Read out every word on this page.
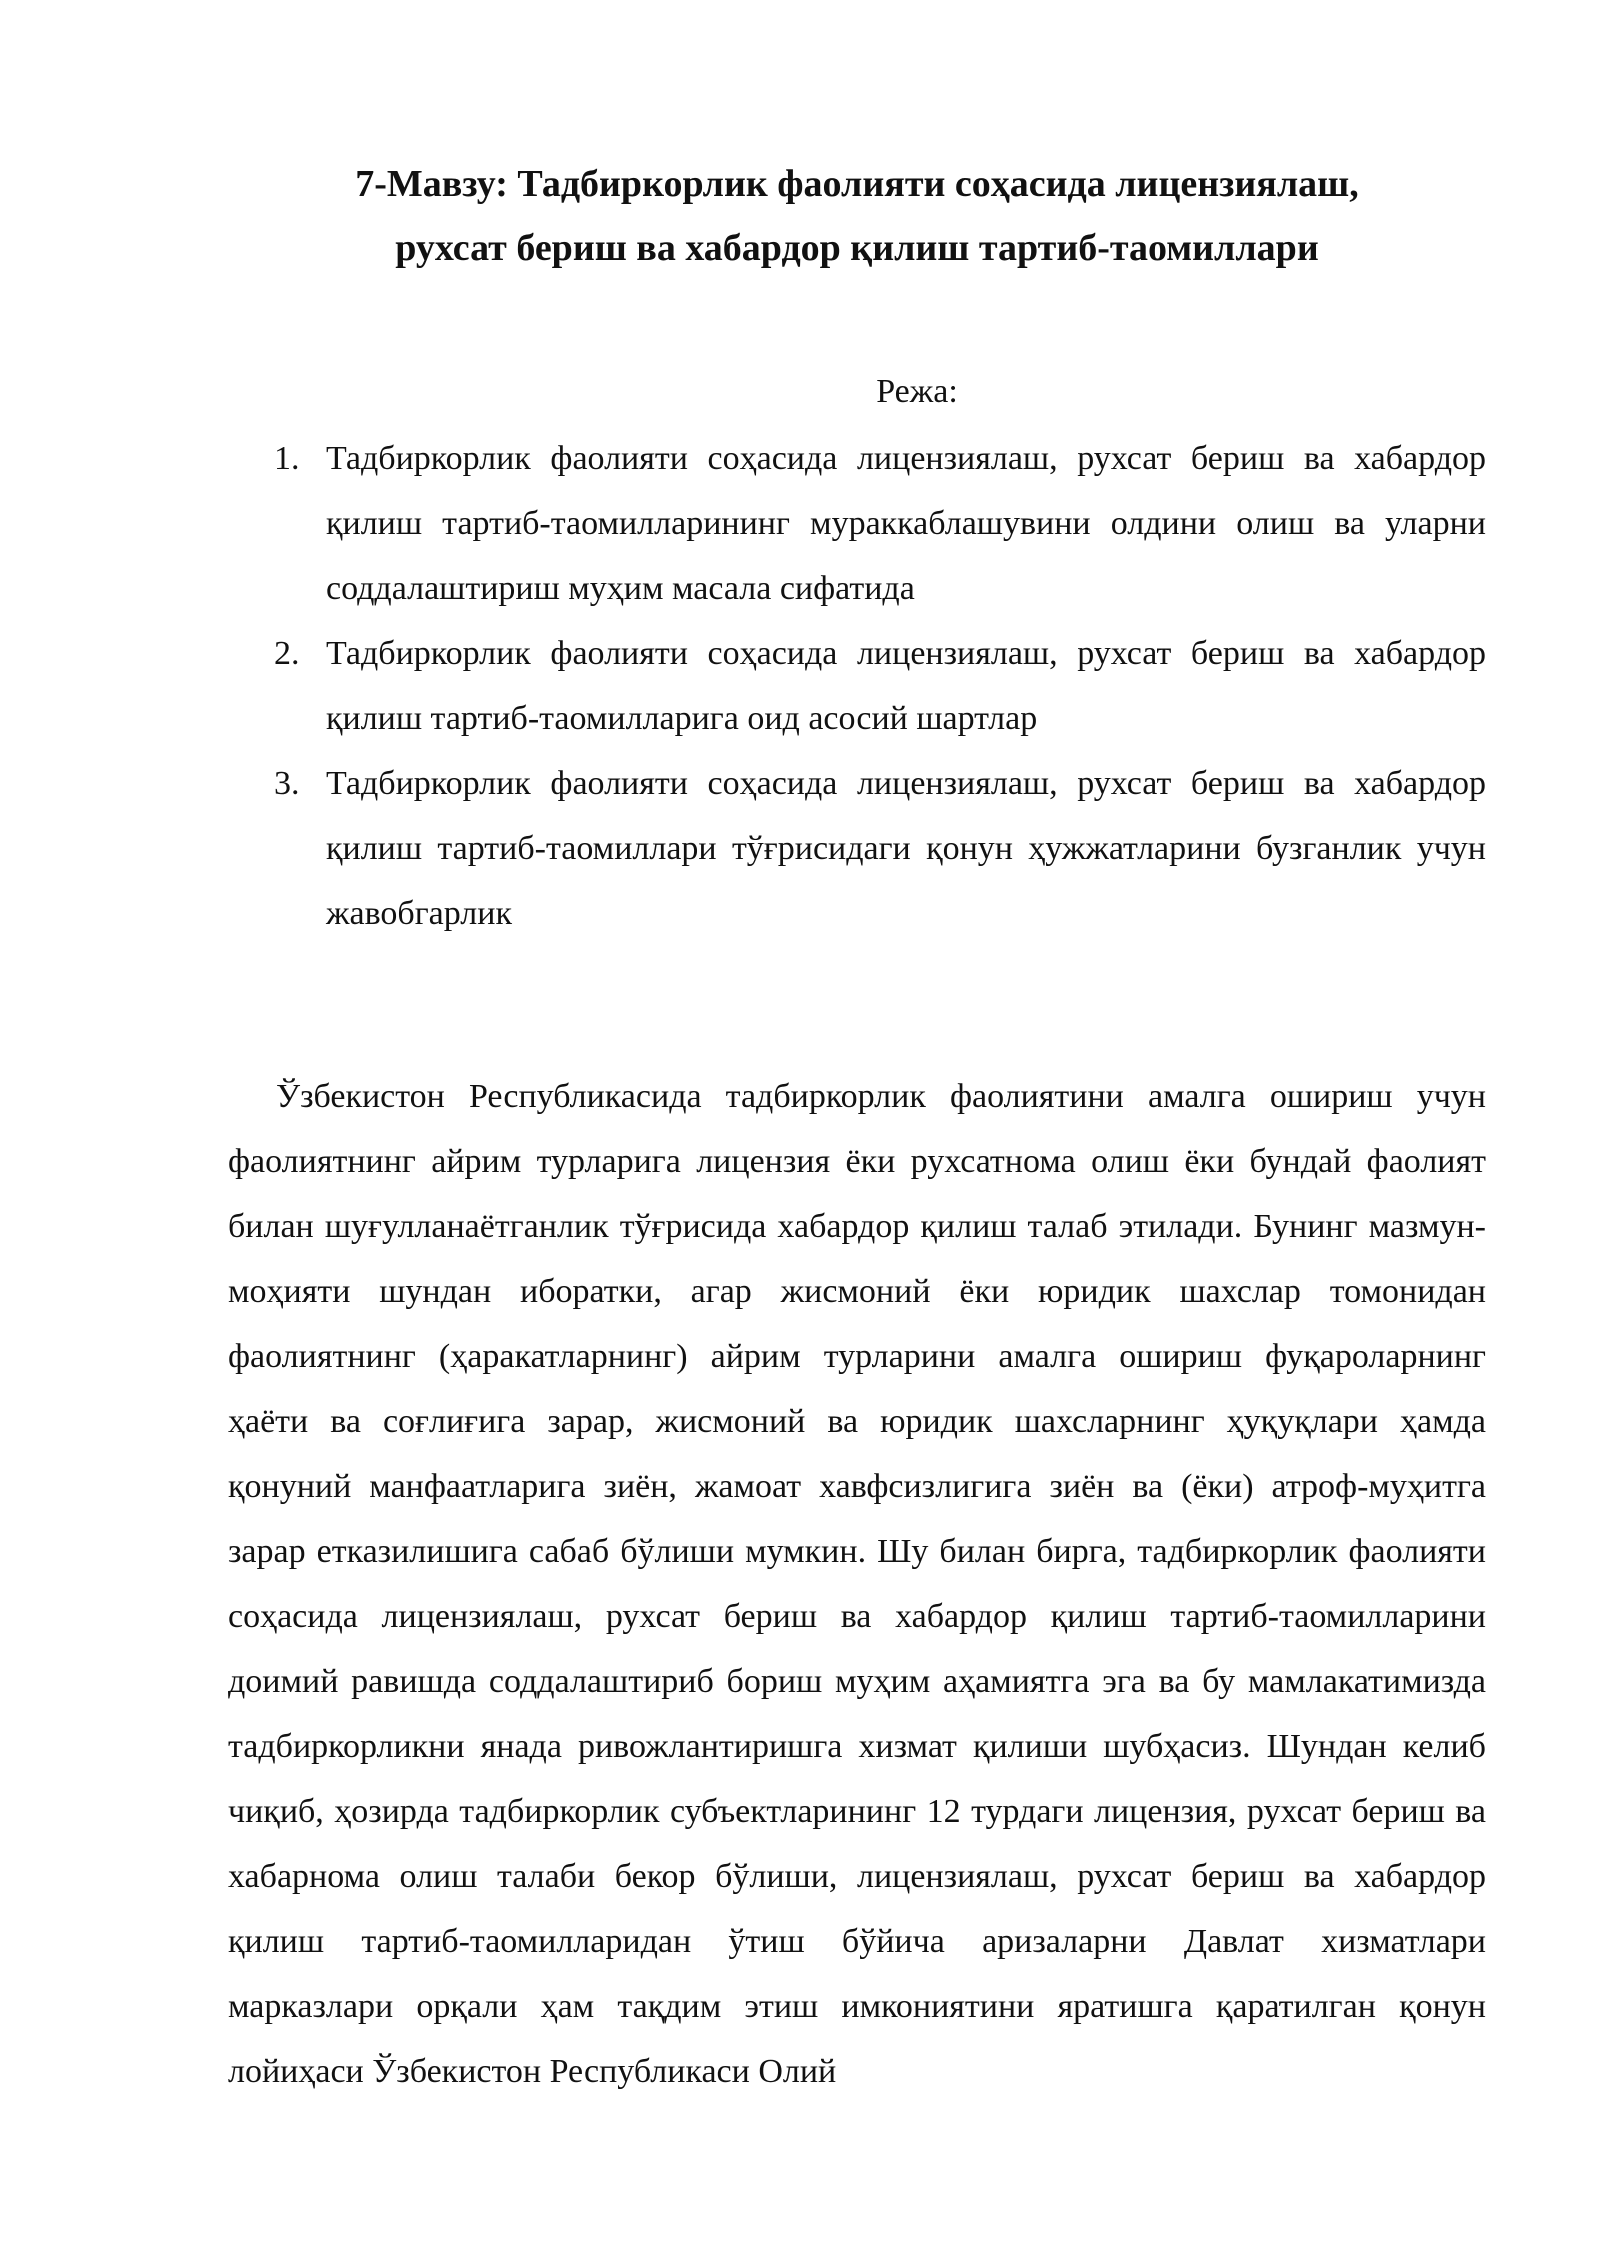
7-Мавзу: Тадбиркорлик фаолияти соҳасида лицензиялаш,
рухсат бериш ва хабардор қилиш тартиб-таомиллари
Режа:
1. Тадбиркорлик фаолияти соҳасида лицензиялаш, рухсат бериш ва хабардор қилиш тартиб-таомилларининг мураккаблашувини олдини олиш ва уларни соддалаштириш муҳим масала сифатида
2. Тадбиркорлик фаолияти соҳасида лицензиялаш, рухсат бериш ва хабардор қилиш тартиб-таомилларига оид асосий шартлар
3. Тадбиркорлик фаолияти соҳасида лицензиялаш, рухсат бериш ва хабардор қилиш тартиб-таомиллари тўғрисидаги қонун ҳужжатларини бузганлик учун жавобгарлик

Ўзбекистон Республикасида тадбиркорлик фаолиятини амалга ошириш учун фаолиятнинг айрим турларига лицензия ёки рухсатнома олиш ёки бундай фаолият билан шуғулланаётганлик тўғрисида хабардор қилиш талаб этилади. Бунинг мазмун-моҳияти шундан иборатки, агар жисмоний ёки юридик шахслар томонидан фаолиятнинг (ҳаракатларнинг) айрим турларини амалга ошириш фуқароларнинг ҳаёти ва соғлиғига зарар, жисмоний ва юридик шахсларнинг ҳуқуқлари ҳамда қонуний манфаатларига зиён, жамоат хавфсизлигига зиён ва (ёки) атроф-муҳитга зарар етказилишига сабаб бўлиши мумкин. Шу билан бирга, тадбиркорлик фаолияти соҳасида лицензиялаш, рухсат бериш ва хабардор қилиш тартиб-таомилларини доимий равишда соддалаштириб бориш муҳим аҳамиятга эга ва бу мамлакатимизда тадбиркорликни янада ривожлантиришга хизмат қилиши шубҳасиз. Шундан келиб чиқиб, ҳозирда тадбиркорлик субъектларининг 12 турдаги лицензия, рухсат бериш ва хабарнома олиш талаби бекор бўлиши, лицензиялаш, рухсат бериш ва хабардор қилиш тартиб-таомилларидан ўтиш бўйича аризаларни Давлат хизматлари марказлари орқали ҳам тақдим этиш имкониятини яратишга қаратилган қонун лойиҳаси Ўзбекистон Республикаси Олий
